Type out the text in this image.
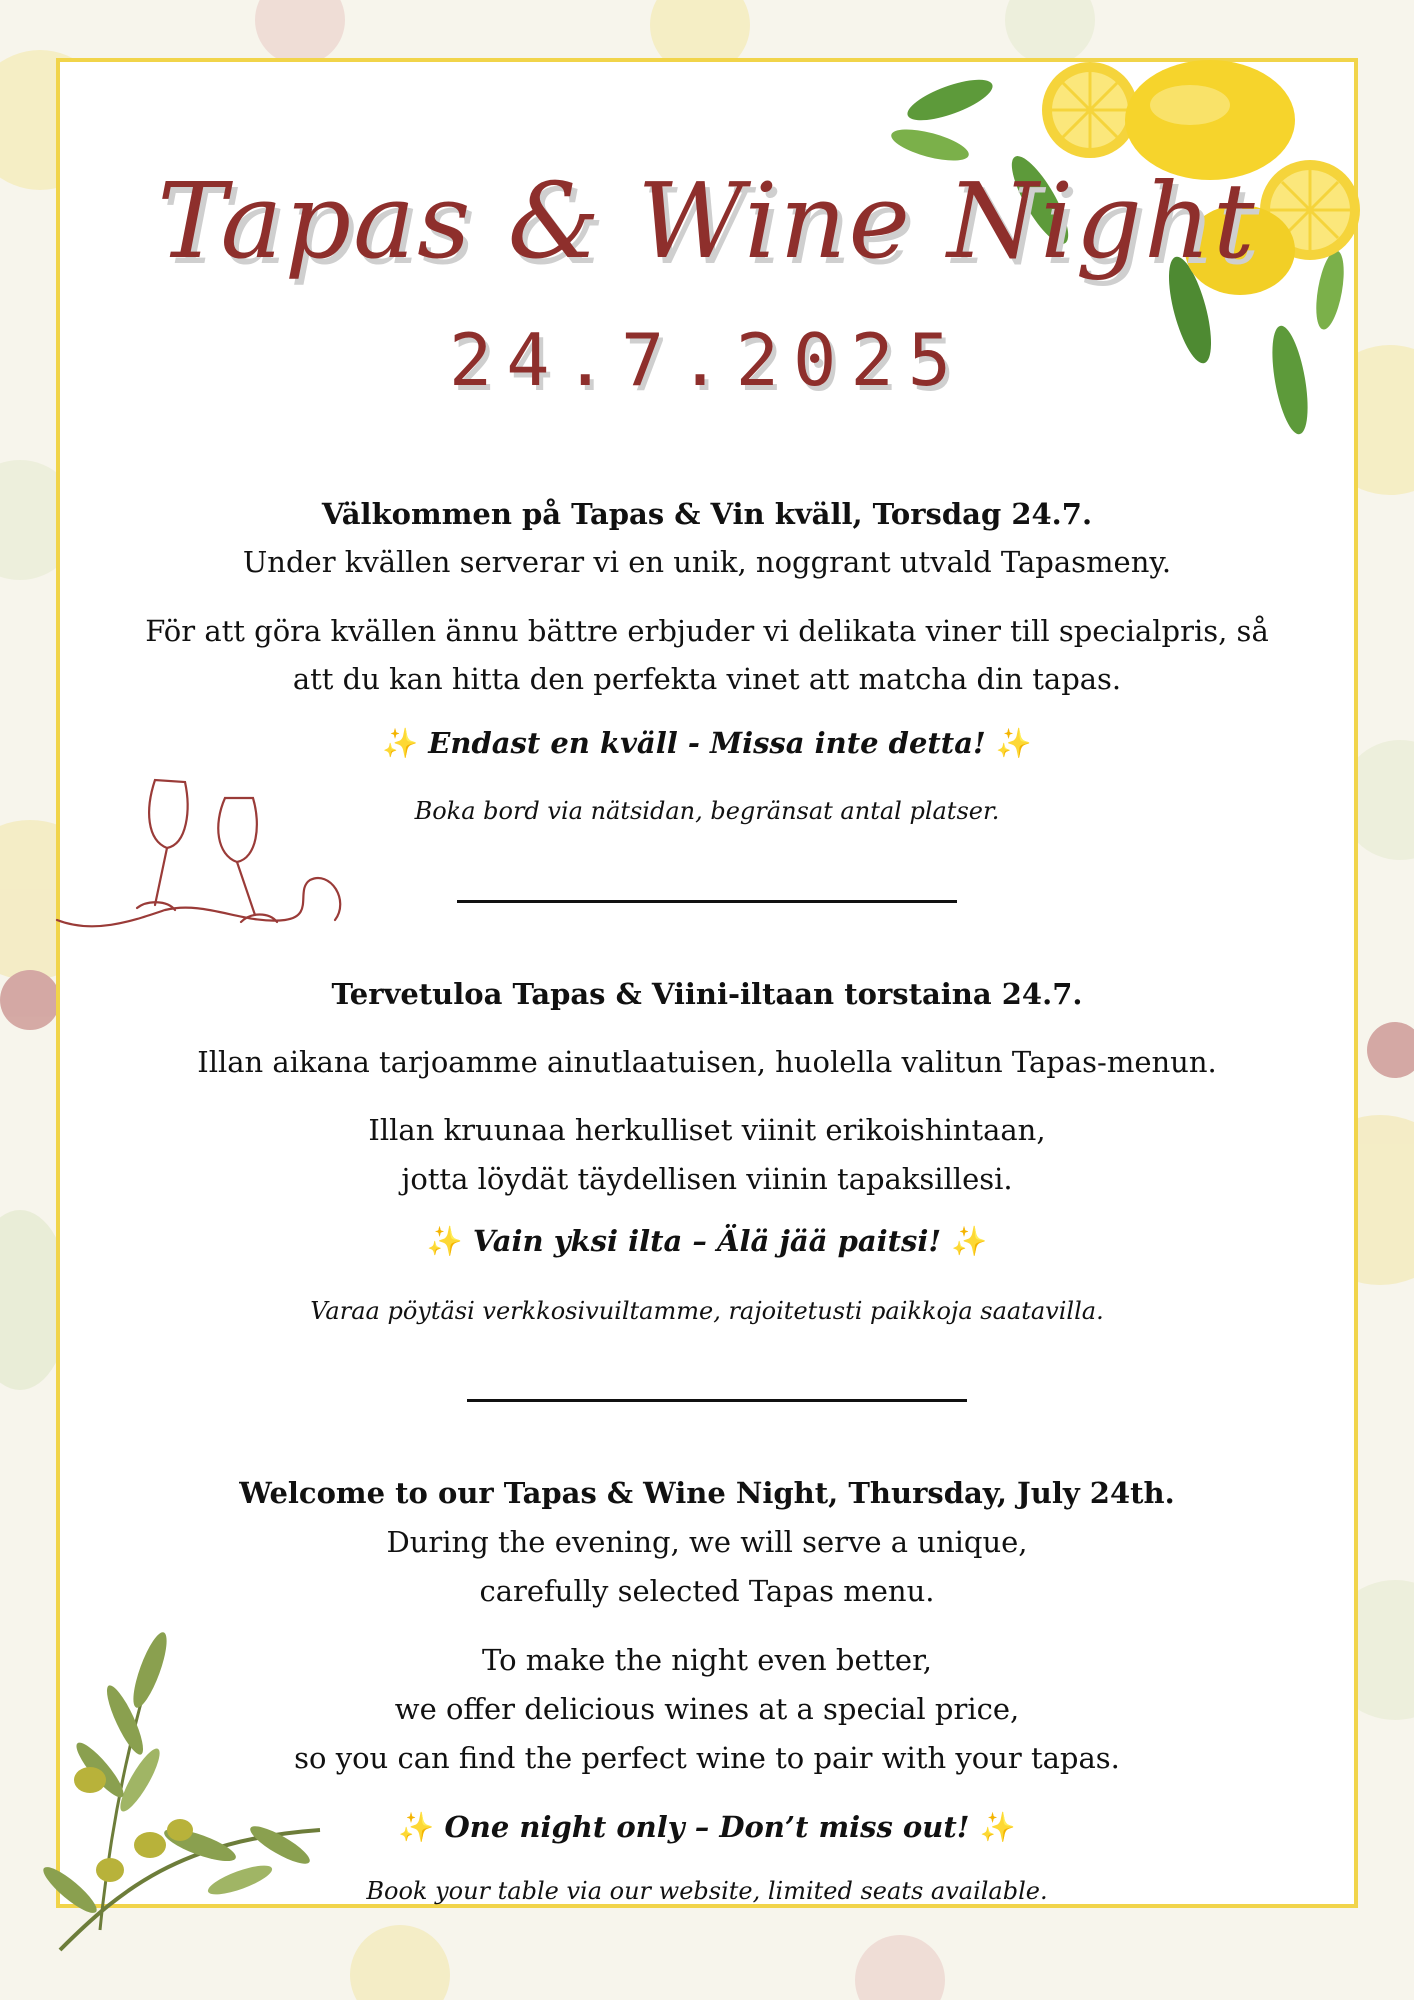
Tapas & Wine Night
24.7.2025
Välkommen på Tapas & Vin kväll, Torsdag 24.7.
Under kvällen serverar vi en unik, noggrant utvald Tapasmeny.
För att göra kvällen ännu bättre erbjuder vi delikata viner till specialpris, så
att du kan hitta den perfekta vinet att matcha din tapas.
✨ Endast en kväll - Missa inte detta! ✨
Boka bord via nätsidan, begränsat antal platser.
Tervetuloa Tapas & Viini-iltaan torstaina 24.7.
Illan aikana tarjoamme ainutlaatuisen, huolella valitun Tapas-menun.
Illan kruunaa herkulliset viinit erikoishintaan,
jotta löydät täydellisen viinin tapaksillesi.
✨ Vain yksi ilta – Älä jää paitsi! ✨
Varaa pöytäsi verkkosivuiltamme, rajoitetusti paikkoja saatavilla.
Welcome to our Tapas & Wine Night, Thursday, July 24th.
During the evening, we will serve a unique,
carefully selected Tapas menu.
To make the night even better,
we offer delicious wines at a special price,
so you can find the perfect wine to pair with your tapas.
✨ One night only – Don’t miss out! ✨
Book your table via our website, limited seats available.
